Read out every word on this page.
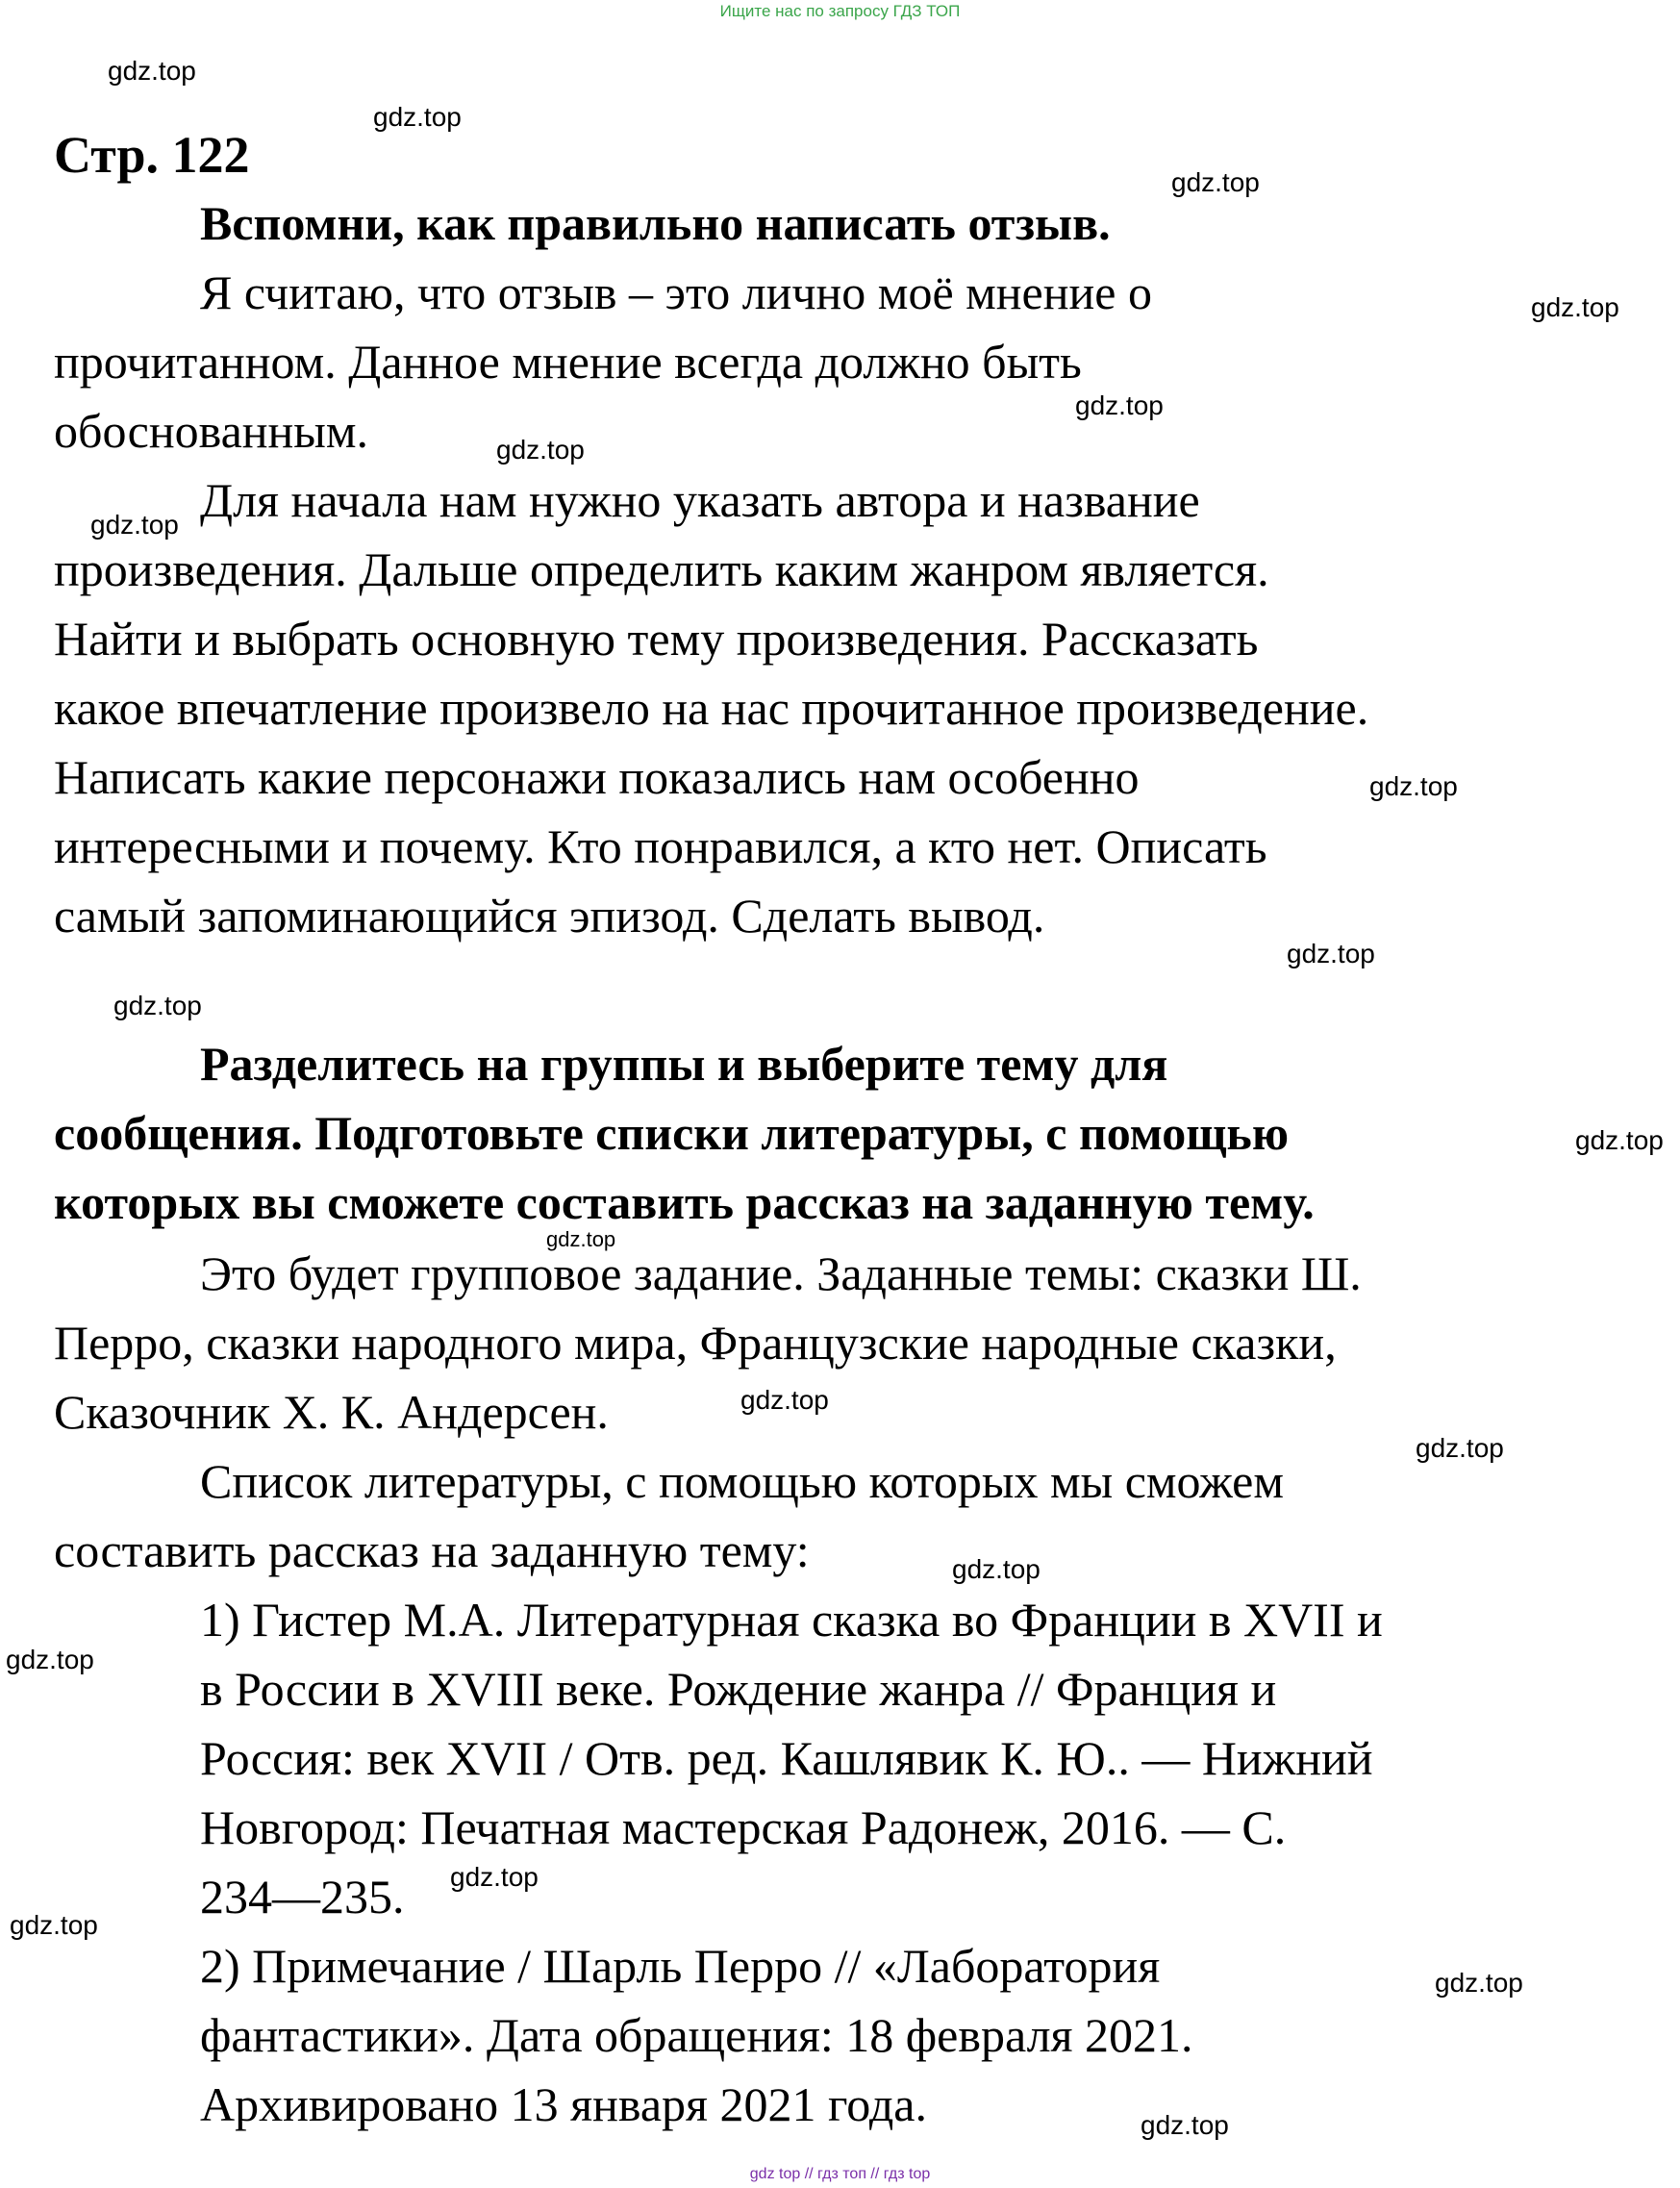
Ищите нас по запросу ГДЗ ТОП
gdz.top
gdz.top
gdz.top
gdz.top
gdz.top
gdz.top
gdz.top
gdz.top
gdz.top
gdz.top
gdz.top
gdz.top
gdz.top
gdz.top
gdz.top
gdz.top
gdz.top
gdz.top
gdz.top
gdz.top
Стр. 122
Вспомни, как правильно написать отзыв.
Я считаю, что отзыв – это лично моё мнение о
прочитанном. Данное мнение всегда должно быть
обоснованным.
Для начала нам нужно указать автора и название
произведения. Дальше определить каким жанром является.
Найти и выбрать основную тему произведения. Рассказать
какое впечатление произвело на нас прочитанное произведение.
Написать какие персонажи показались нам особенно
интересными и почему. Кто понравился, а кто нет. Описать
самый запоминающийся эпизод. Сделать вывод.
Разделитесь на группы и выберите тему для
сообщения. Подготовьте списки литературы, с помощью
которых вы сможете составить рассказ на заданную тему.
Это будет групповое задание. Заданные темы: сказки Ш.
Перро, сказки народного мира, Французские народные сказки,
Сказочник Х. К. Андерсен.
Список литературы, с помощью которых мы сможем
составить рассказ на заданную тему:
1) Гистер М.А. Литературная сказка во Франции в XVII и
в России в XVIII веке. Рождение жанра // Франция и
Россия: век XVII / Отв. ред. Кашлявик К. Ю.. — Нижний
Новгород: Печатная мастерская Радонеж, 2016. — С.
234—235.
2) Примечание / Шарль Перро // «Лаборатория
фантастики». Дата обращения: 18 февраля 2021.
Архивировано 13 января 2021 года.
gdz top // гдз топ // гдз top
